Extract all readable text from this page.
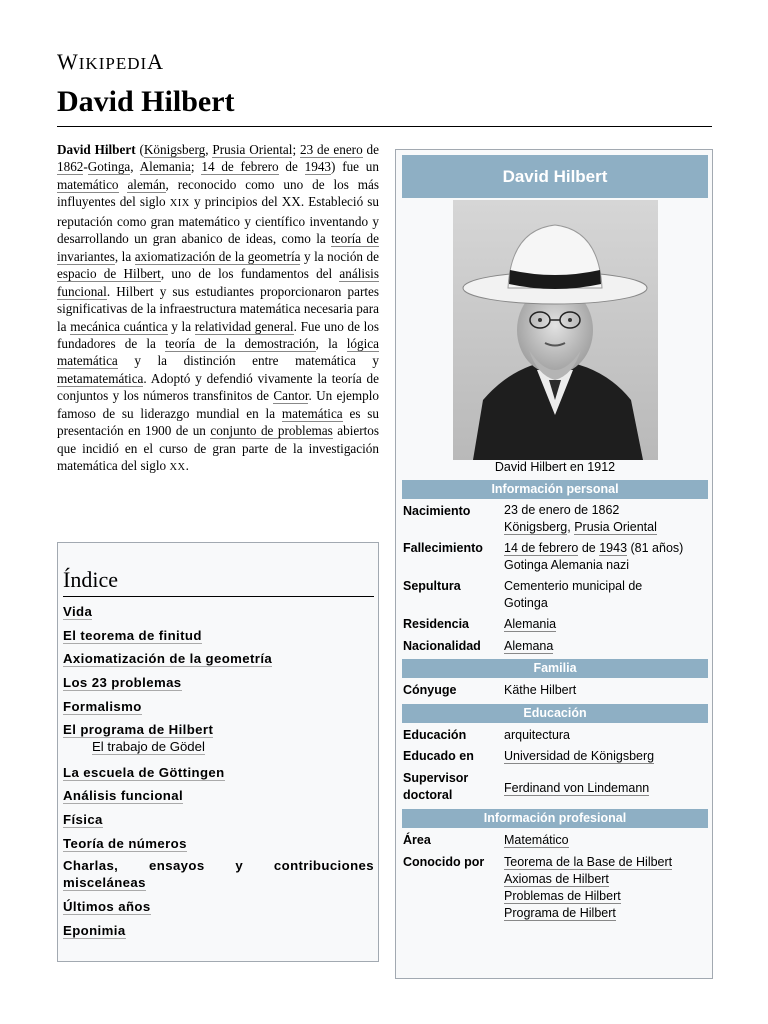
WIKIPEDIA
David Hilbert

David Hilbert (Königsberg, Prusia Oriental; 23 de enero de 1862-Gotinga, Alemania; 14 de febrero de 1943) fue un matemático alemán, reconocido como uno de los más influyentes del siglo XIX y principios del XX. Estableció su reputación como gran matemático y científico inventando y desarrollando un gran abanico de ideas, como la teoría de invariantes, la axiomatización de la geometría y la noción de espacio de Hilbert, uno de los fundamentos del análisis funcional. Hilbert y sus estudiantes proporcionaron partes significativas de la infraestructura matemática necesaria para la mecánica cuántica y la relatividad general. Fue uno de los fundadores de la teoría de la demostración, la lógica matemática y la distinción entre matemática y metamatemática. Adoptó y defendió vivamente la teoría de conjuntos y los números transfinitos de Cantor. Un ejemplo famoso de su liderazgo mundial en la matemática es su presentación en 1900 de un conjunto de problemas abiertos que incidió en el curso de gran parte de la investigación matemática del siglo XX.

Índice
Vida
El teorema de finitud
Axiomatización de la geometría
Los 23 problemas
Formalismo
El programa de Hilbert
El trabajo de Gödel
La escuela de Göttingen
Análisis funcional
Física
Teoría de números
Charlas, ensayos y contribuciones
misceláneas
Últimos años
Eponimia
David Hilbert
David Hilbert en 1912
Información personal
Nacimiento	23 de enero de 1862
Königsberg, Prusia Oriental
Fallecimiento 14 de febrero de 1943 (81 años)
Gotinga Alemania nazi
Sepultura	Cementerio municipal de Gotinga
Residencia	Alemania
Nacionalidad Alemana
Familia
Cónyuge	Käthe Hilbert
Educación
Educación	arquitectura
Educado en Universidad de Königsberg
Supervisor doctoral	Ferdinand von Lindemann
Información profesional
Área	Matemático
Conocido por Teorema de la Base de Hilbert
Axiomas de Hilbert
Problemas de Hilbert
Programa de Hilbert
